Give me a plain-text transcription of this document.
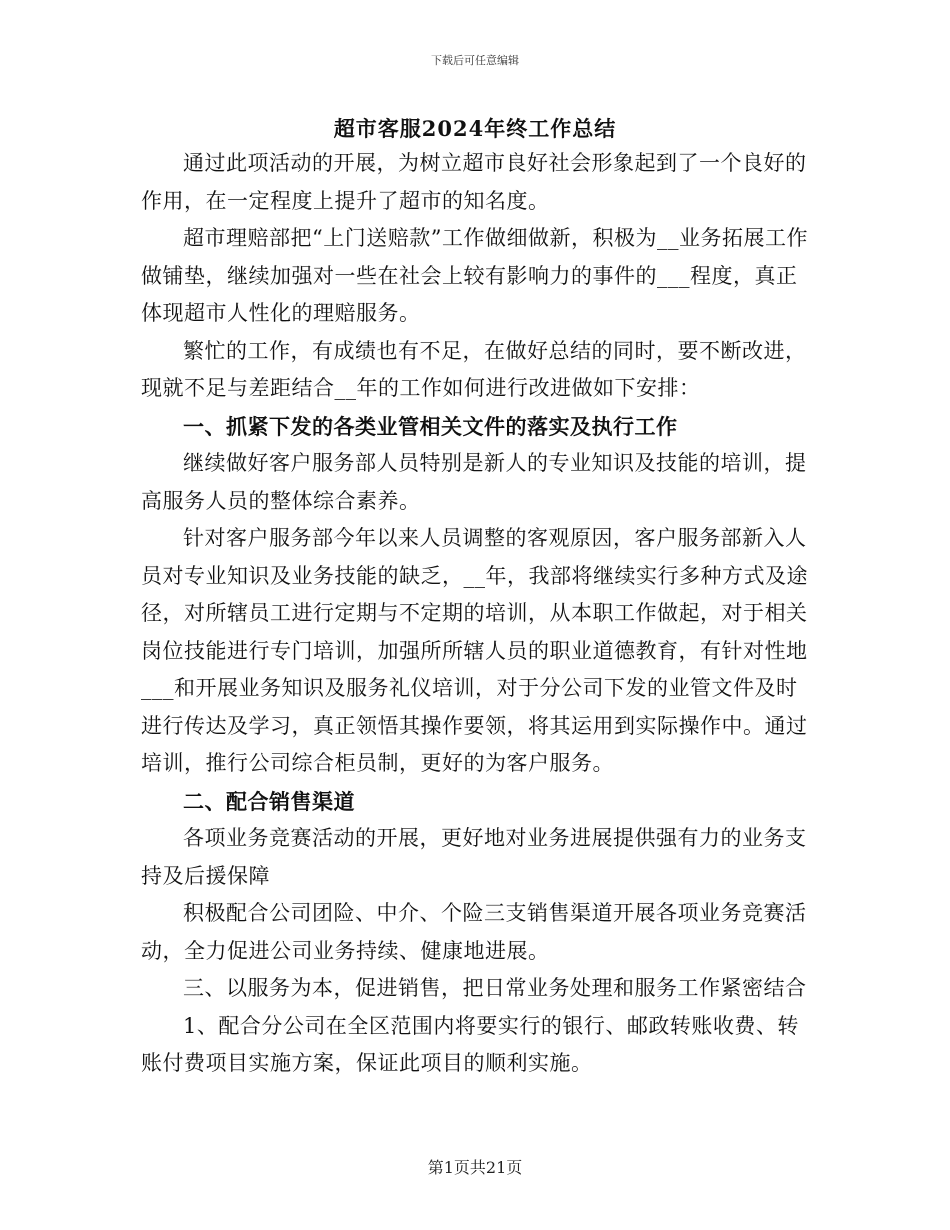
下载后可任意编辑
超市客服2024年终工作总结

通过此项活动的开展，为树立超市良好社会形象起到了一个良好的作用，在一定程度上提升了超市的知名度。

超市理赔部把“上门送赔款”工作做细做新，积极为__业务拓展工作做铺垫，继续加强对一些在社会上较有影响力的事件的___程度，真正体现超市人性化的理赔服务。

繁忙的工作，有成绩也有不足，在做好总结的同时，要不断改进，现就不足与差距结合__年的工作如何进行改进做如下安排：

一、抓紧下发的各类业管相关文件的落实及执行工作

继续做好客户服务部人员特别是新人的专业知识及技能的培训，提高服务人员的整体综合素养。

针对客户服务部今年以来人员调整的客观原因，客户服务部新入人员对专业知识及业务技能的缺乏，__年，我部将继续实行多种方式及途径，对所辖员工进行定期与不定期的培训，从本职工作做起，对于相关岗位技能进行专门培训，加强所所辖人员的职业道德教育，有针对性地___和开展业务知识及服务礼仪培训，对于分公司下发的业管文件及时进行传达及学习，真正领悟其操作要领，将其运用到实际操作中。通过培训，推行公司综合柜员制，更好的为客户服务。

二、配合销售渠道

各项业务竞赛活动的开展，更好地对业务进展提供强有力的业务支持及后援保障

积极配合公司团险、中介、个险三支销售渠道开展各项业务竞赛活动，全力促进公司业务持续、健康地进展。

三、以服务为本，促进销售，把日常业务处理和服务工作紧密结合

1、配合分公司在全区范围内将要实行的银行、邮政转账收费、转账付费项目实施方案，保证此项目的顺利实施。

第1页共21页
